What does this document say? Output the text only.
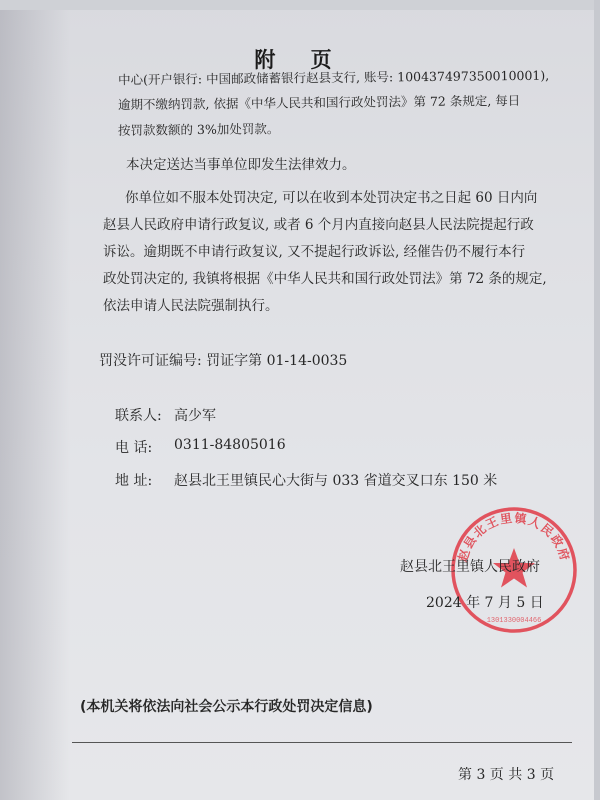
附 页
中心(开户银行: 中国邮政储蓄银行赵县支行, 账号: 100437497350010001),
逾期不缴纳罚款, 依据《中华人民共和国行政处罚法》第 72 条规定, 每日
按罚款数额的 3%加处罚款。
本决定送达当事单位即发生法律效力。
你单位如不服本处罚决定, 可以在收到本处罚决定书之日起 60 日内向
赵县人民政府申请行政复议, 或者 6 个月内直接向赵县人民法院提起行政
诉讼。逾期既不申请行政复议, 又不提起行政诉讼, 经催告仍不履行本行
政处罚决定的, 我镇将根据《中华人民共和国行政处罚法》第 72 条的规定,
依法申请人民法院强制执行。
罚没许可证编号: 罚证字第 01-14-0035
联系人: 高少军
电 话: 0311-84805016
地 址: 赵县北王里镇民心大街与 033 省道交叉口东 150 米
赵县北王里镇人民政府
1301330004466
赵县北王里镇人民政府
2024 年 7 月 5 日
(本机关将依法向社会公示本行政处罚决定信息)
第 3 页 共 3 页
